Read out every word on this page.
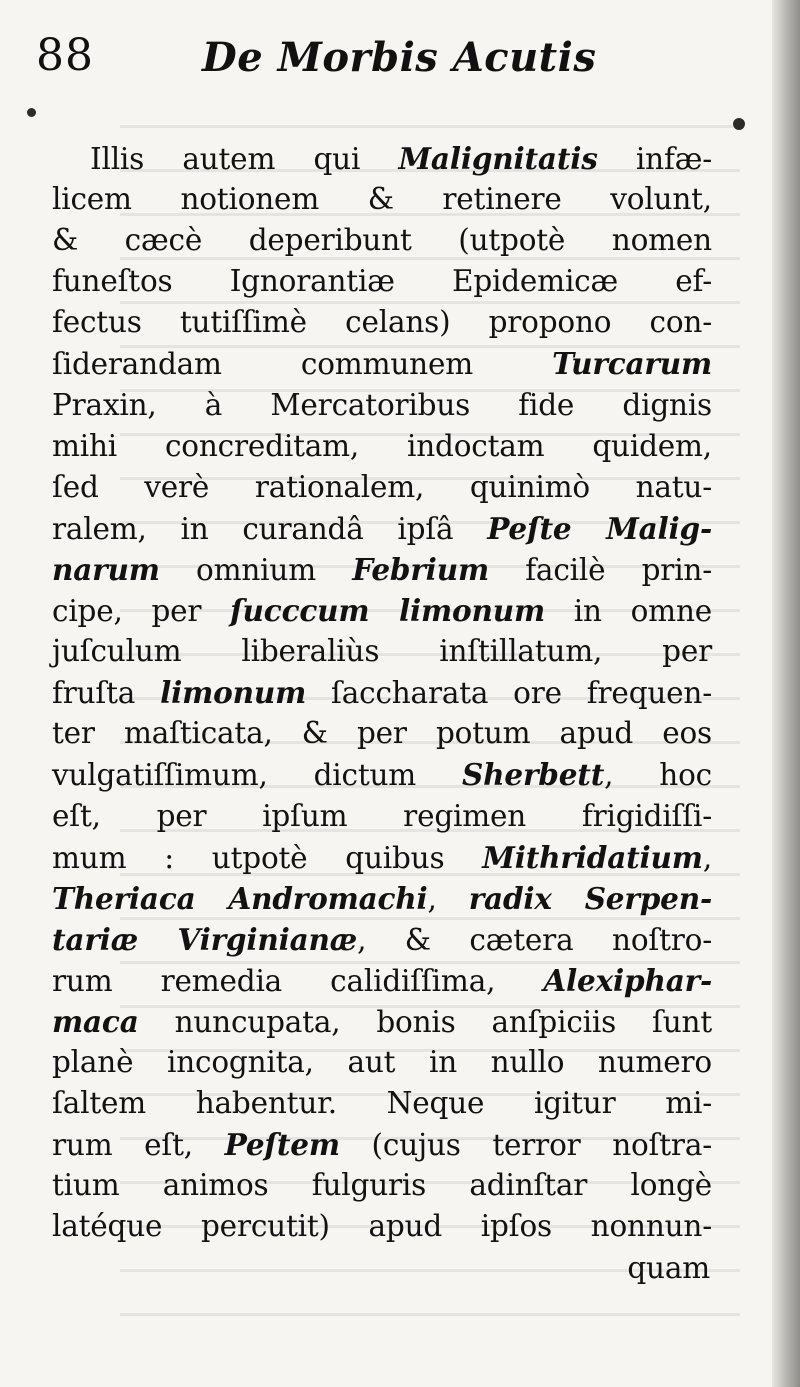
88	De Morbis Acutis
Illis autem qui Malignitatis infæ-
licem notionem & retinere volunt,
& cæcè deperibunt (utpotè nomen
funeſtos Ignorantiæ Epidemicæ ef-
fectus tutiſſimè celans) propono con-
ſiderandam communem Turcarum
Praxin, à Mercatoribus fide dignis
mihi concreditam, indoctam quidem,
ſed verè rationalem, quinimò natu-
ralem, in curandâ ipſâ Peſte Malig-
narum omnium Febrium facilè prin-
cipe, per ſucccum limonum in omne
juſculum liberaliùs inſtillatum, per
fruſta limonum ſaccharata ore frequen-
ter maſticata, & per potum apud eos
vulgatiſſimum, dictum Sherbett, hoc
eſt, per ipſum regimen frigidiſſi-
mum : utpotè quibus Mithridatium,
Theriaca Andromachi, radix Serpen-
tariæ Virginianæ, & cætera noſtro-
rum remedia calidiſſima, Alexiphar-
maca nuncupata, bonis anſpiciis ſunt
planè incognita, aut in nullo numero
ſaltem habentur. Neque igitur mi-
rum eſt, Peſtem (cujus terror noſtra-
tium animos fulguris adinſtar longè
latéque percutit) apud ipſos nonnun-
quam
